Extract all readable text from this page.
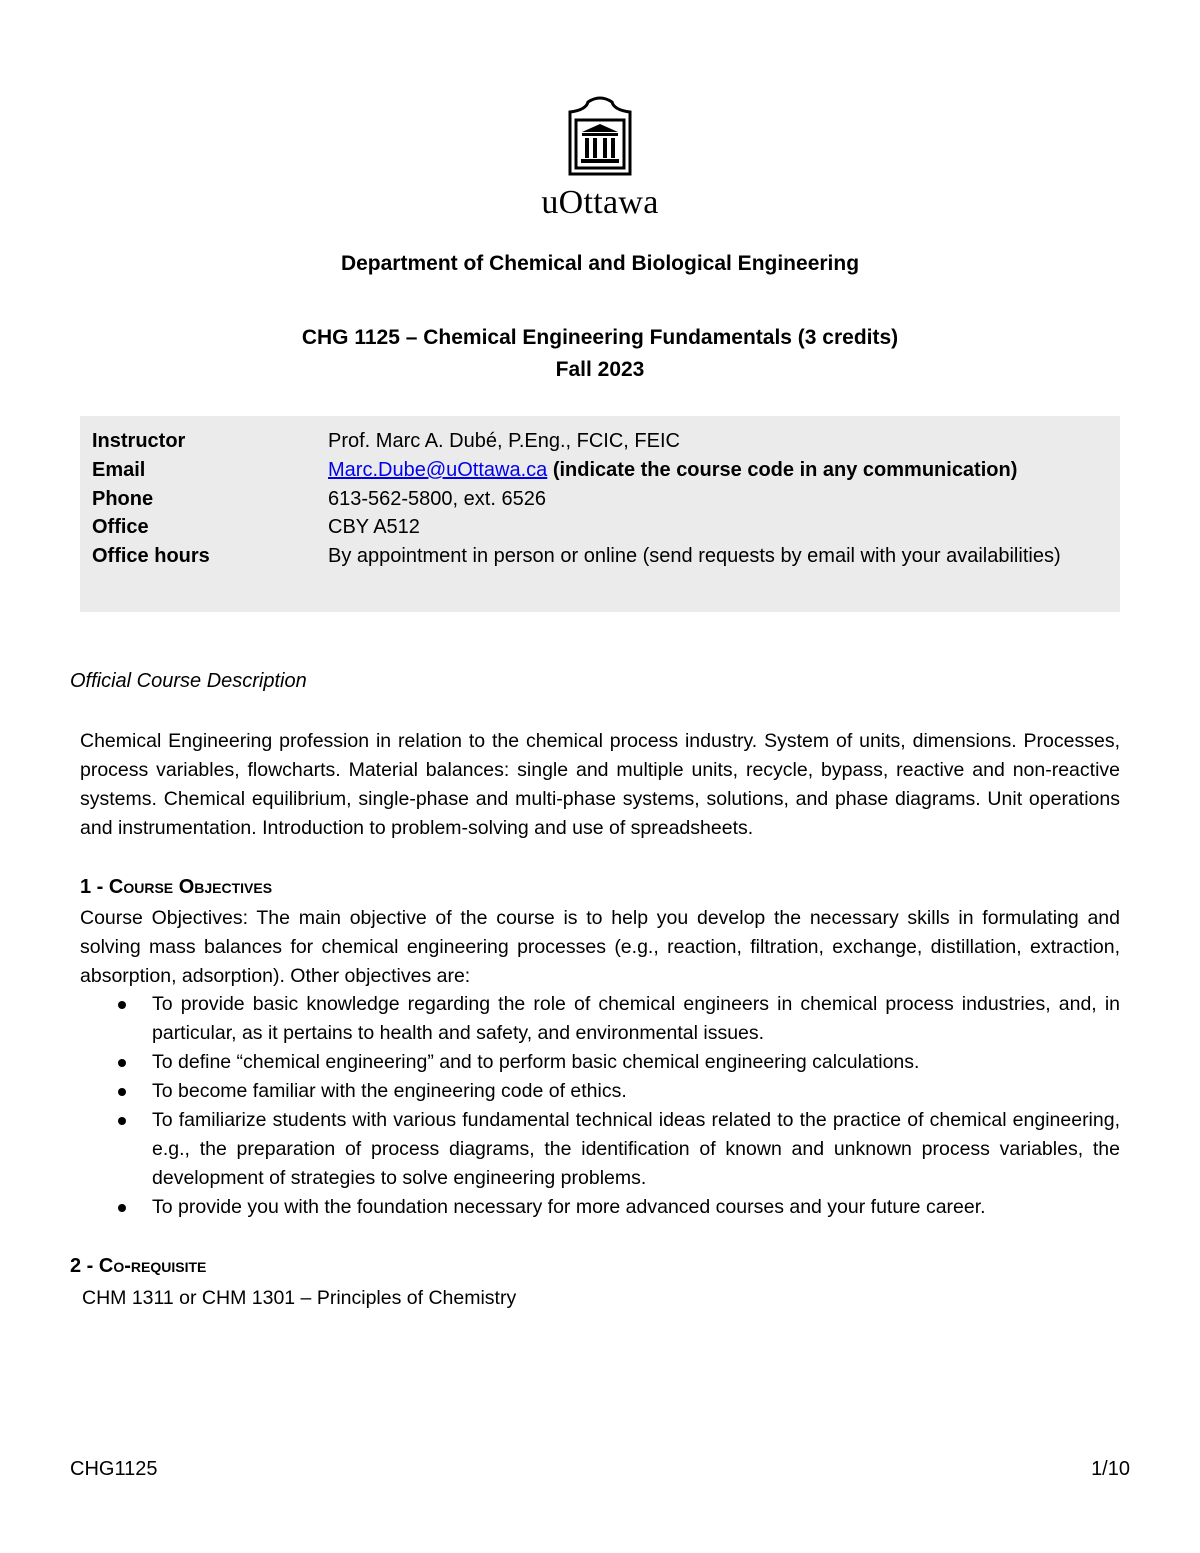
uOttawa
Department of Chemical and Biological Engineering
CHG 1125 – Chemical Engineering Fundamentals (3 credits)
Fall 2023
Instructor	Prof. Marc A. Dubé, P.Eng., FCIC, FEIC
Email	Marc.Dube@uOttawa.ca (indicate the course code in any communication)
Phone	613-562-5800, ext. 6526
Office	CBY A512
Office hours	By appointment in person or online (send requests by email with your availabilities)
Official Course Description
Chemical Engineering profession in relation to the chemical process industry. System of units, dimensions. Processes, process variables, flowcharts. Material balances: single and multiple units, recycle, bypass, reactive and non-reactive systems. Chemical equilibrium, single-phase and multi-phase systems, solutions, and phase diagrams. Unit operations and instrumentation. Introduction to problem-solving and use of spreadsheets.
1 - Course Objectives
Course Objectives: The main objective of the course is to help you develop the necessary skills in formulating and solving mass balances for chemical engineering processes (e.g., reaction, filtration, exchange, distillation, extraction, absorption, adsorption). Other objectives are:
To provide basic knowledge regarding the role of chemical engineers in chemical process industries, and, in particular, as it pertains to health and safety, and environmental issues.
To define “chemical engineering” and to perform basic chemical engineering calculations.
To become familiar with the engineering code of ethics.
To familiarize students with various fundamental technical ideas related to the practice of chemical engineering, e.g., the preparation of process diagrams, the identification of known and unknown process variables, the development of strategies to solve engineering problems.
To provide you with the foundation necessary for more advanced courses and your future career.
2 - Co-requisite
CHM 1311 or CHM 1301 – Principles of Chemistry
CHG1125	1/10
